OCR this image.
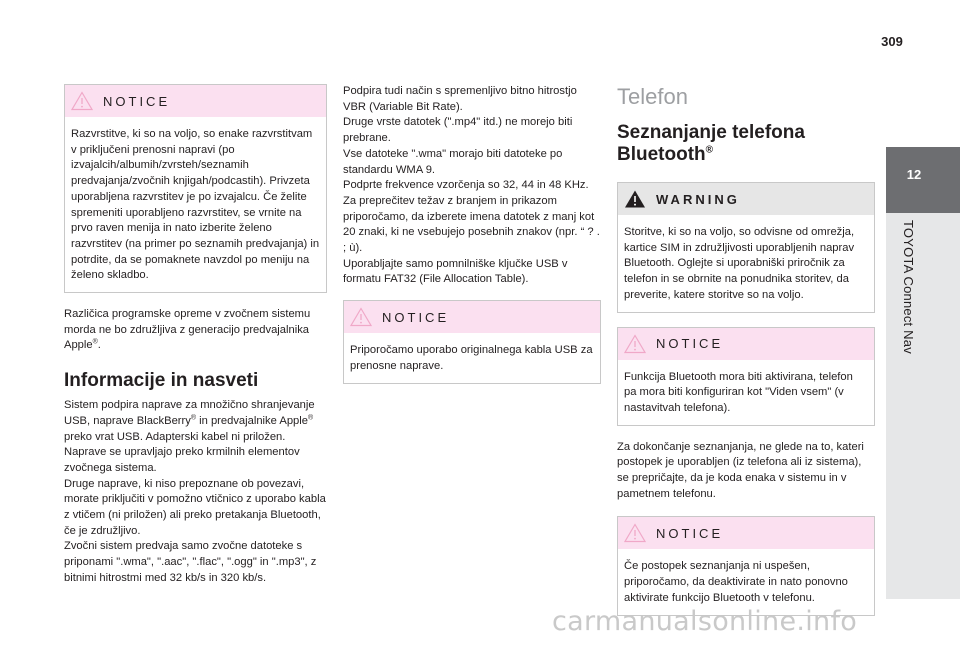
309
12
TOYOTA Connect Nav
NOTICE
Razvrstitve, ki so na voljo, so enake razvrstitvam v priključeni prenosni napravi (po izvajalcih/albumih/zvrsteh/seznamih predvajanja/zvočnih knjigah/podcastih). Privzeta uporabljena razvrstitev je po izvajalcu. Če želite spremeniti uporabljeno razvrstitev, se vrnite na prvo raven menija in nato izberite želeno razvrstitev (na primer po seznamih predvajanja) in potrdite, da se pomaknete navzdol po meniju na želeno skladbo.

Različica programske opreme v zvočnem sistemu morda ne bo združljiva z generacijo predvajalnika Apple®.

Informacije in nasveti

Sistem podpira naprave za množično shranjevanje USB, naprave BlackBerry® in predvajalnike Apple® preko vrat USB. Adapterski kabel ni priložen.

Naprave se upravljajo preko krmilnih elementov zvočnega sistema.

Druge naprave, ki niso prepoznane ob povezavi, morate priključiti v pomožno vtičnico z uporabo kabla z vtičem (ni priložen) ali preko pretakanja Bluetooth, če je združljivo.

Zvočni sistem predvaja samo zvočne datoteke s priponami ".wma", ".aac", ".flac", ".ogg" in ".mp3", z bitnimi hitrostmi med 32 kb/s in 320 kb/s.

Podpira tudi način s spremenljivo bitno hitrostjo VBR (Variable Bit Rate).

Druge vrste datotek (".mp4" itd.) ne morejo biti prebrane.

Vse datoteke ".wma" morajo biti datoteke po standardu WMA 9.

Podprte frekvence vzorčenja so 32, 44 in 48 KHz.

Za preprečitev težav z branjem in prikazom priporočamo, da izberete imena datotek z manj kot 20 znaki, ki ne vsebujejo posebnih znakov (npr. “ ? . ; ù).

Uporabljajte samo pomnilniške ključke USB v formatu FAT32 (File Allocation Table).

NOTICE
Priporočamo uporabo originalnega kabla USB za prenosne naprave.
Telefon
Seznanjanje telefona Bluetooth®
WARNING
Storitve, ki so na voljo, so odvisne od omrežja, kartice SIM in združljivosti uporabljenih naprav Bluetooth. Oglejte si uporabniški priročnik za telefon in se obrnite na ponudnika storitev, da preverite, katere storitve so na voljo.
NOTICE
Funkcija Bluetooth mora biti aktivirana, telefon pa mora biti konfiguriran kot "Viden vsem" (v nastavitvah telefona).

Za dokončanje seznanjanja, ne glede na to, kateri postopek je uporabljen (iz telefona ali iz sistema), se prepričajte, da je koda enaka v sistemu in v pametnem telefonu.

NOTICE
Če postopek seznanjanja ni uspešen, priporočamo, da deaktivirate in nato ponovno aktivirate funkcijo Bluetooth v telefonu.
carmanualsonline.info
